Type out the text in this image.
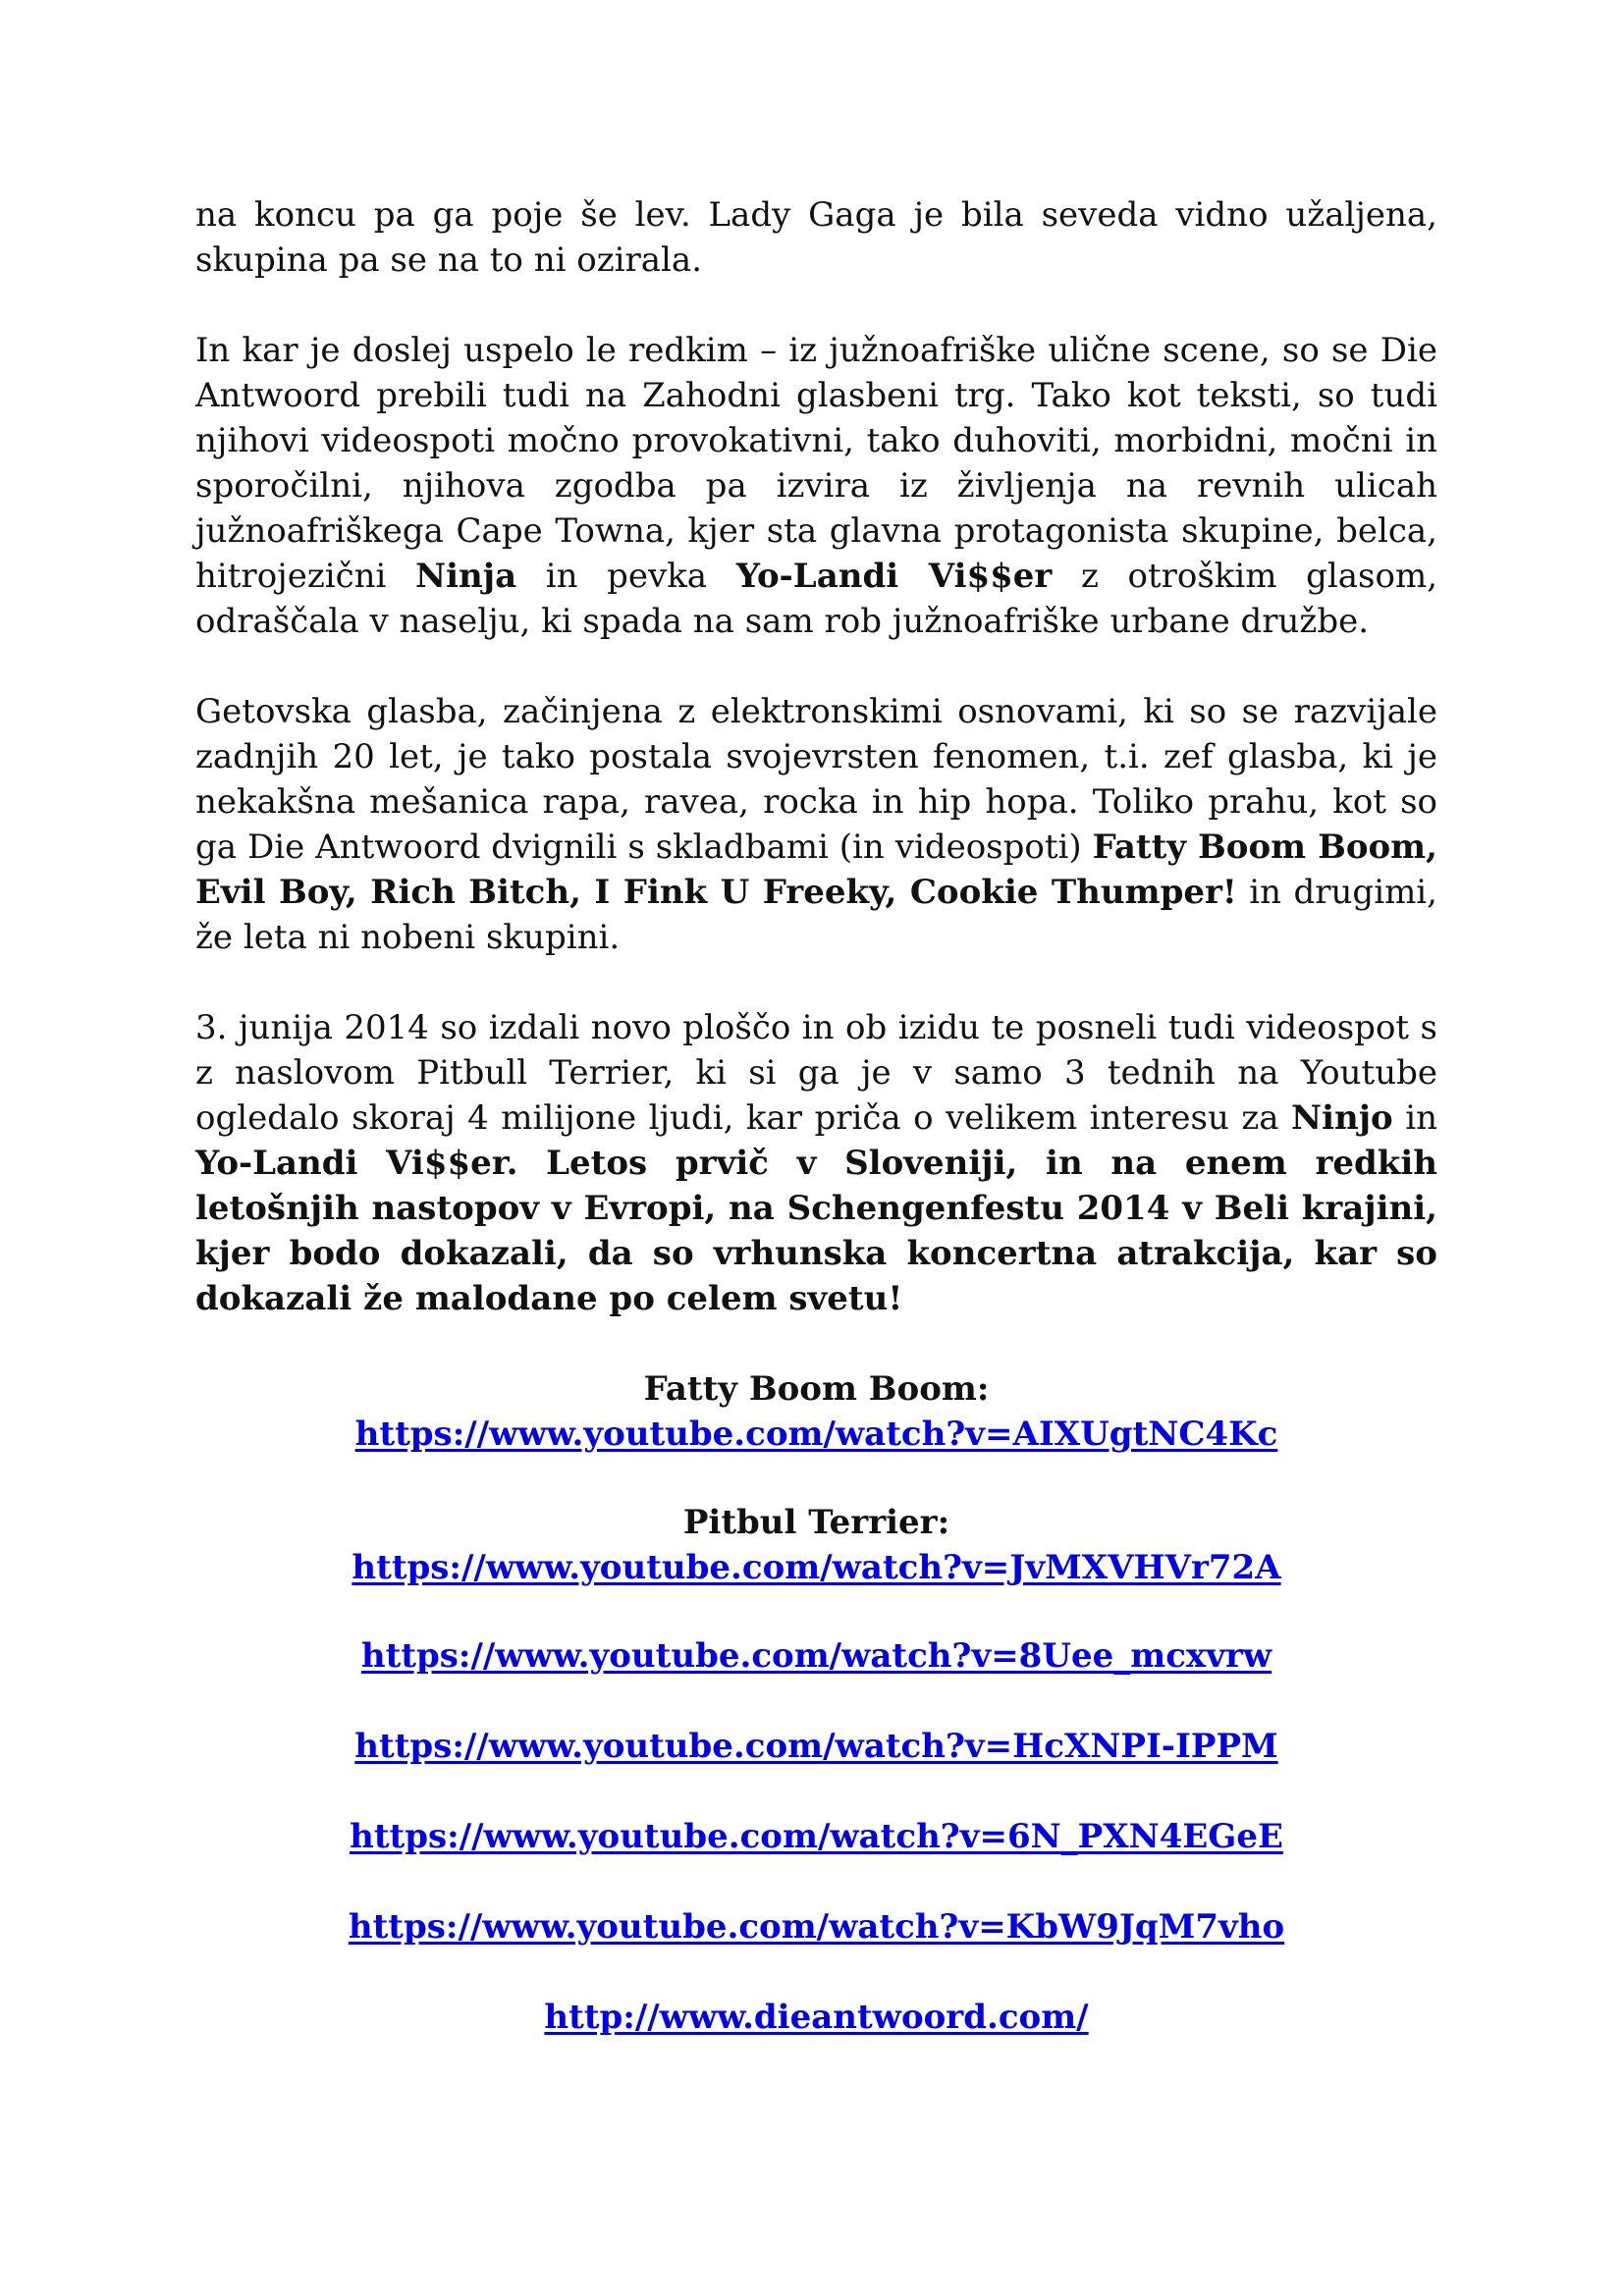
na koncu pa ga poje še lev. Lady Gaga je bila seveda vidno užaljena, skupina pa se na to ni ozirala.

In kar je doslej uspelo le redkim – iz južnoafriške ulične scene, so se Die Antwoord prebili tudi na Zahodni glasbeni trg. Tako kot teksti, so tudi njihovi videospoti močno provokativni, tako duhoviti, morbidni, močni in sporočilni, njihova zgodba pa izvira iz življenja na revnih ulicah južnoafriškega Cape Towna, kjer sta glavna protagonista skupine, belca, hitrojezični Ninja in pevka Yo-Landi Vi$$er z otroškim glasom, odraščala v naselju, ki spada na sam rob južnoafriške urbane družbe.

Getovska glasba, začinjena z elektronskimi osnovami, ki so se razvijale zadnjih 20 let, je tako postala svojevrsten fenomen, t.i. zef glasba, ki je nekakšna mešanica rapa, ravea, rocka in hip hopa. Toliko prahu, kot so ga Die Antwoord dvignili s skladbami (in videospoti) Fatty Boom Boom, Evil Boy, Rich Bitch, I Fink U Freeky, Cookie Thumper! in drugimi, že leta ni nobeni skupini.

3. junija 2014 so izdali novo ploščo in ob izidu te posneli tudi videospot s z naslovom Pitbull Terrier, ki si ga je v samo 3 tednih na Youtube ogledalo skoraj 4 milijone ljudi, kar priča o velikem interesu za Ninjo in Yo-Landi Vi$$er. Letos prvič v Sloveniji, in na enem redkih letošnjih nastopov v Evropi, na Schengenfestu 2014 v Beli krajini, kjer bodo dokazali, da so vrhunska koncertna atrakcija, kar so dokazali že malodane po celem svetu!

Fatty Boom Boom:
https://www.youtube.com/watch?v=AIXUgtNC4Kc
Pitbul Terrier:
https://www.youtube.com/watch?v=JvMXVHVr72A
https://www.youtube.com/watch?v=8Uee_mcxvrw
https://www.youtube.com/watch?v=HcXNPI-IPPM
https://www.youtube.com/watch?v=6N_PXN4EGeE
https://www.youtube.com/watch?v=KbW9JqM7vho
http://www.dieantwoord.com/
